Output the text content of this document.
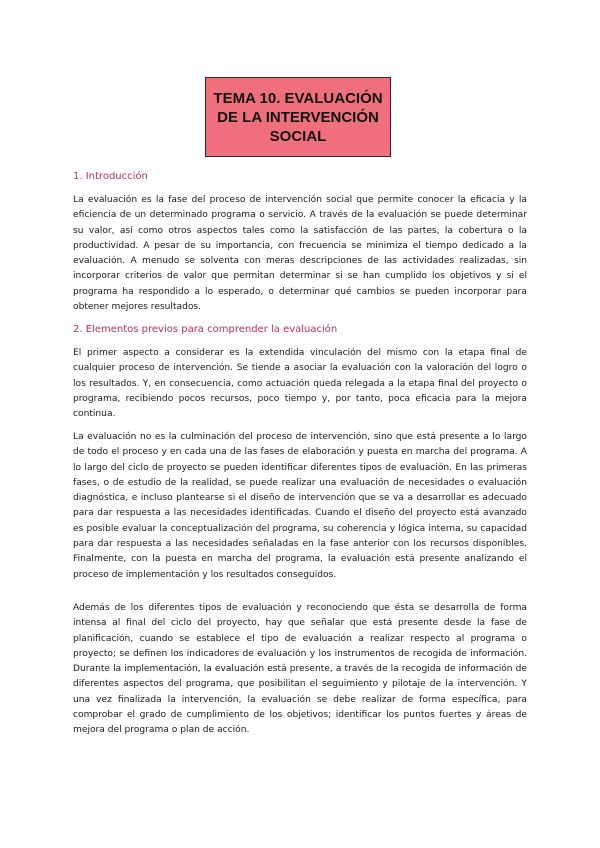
TEMA 10. EVALUACIÓN
DE LA INTERVENCIÓN
SOCIAL
1. Introducción

La evaluación es la fase del proceso de intervención social que permite conocer la eficacia y la eficiencia de un determinado programa o servicio. A través de la evaluación se puede determinar su valor, así como otros aspectos tales como la satisfacción de las partes, la cobertura o la productividad. A pesar de su importancia, con frecuencia se minimiza el tiempo dedicado a la evaluación. A menudo se solventa con meras descripciones de las actividades realizadas, sin incorporar criterios de valor que permitan determinar si se han cumplido los objetivos y si el programa ha respondido a lo esperado, o determinar qué cambios se pueden incorporar para obtener mejores resultados.

2. Elementos previos para comprender la evaluación

El primer aspecto a considerar es la extendida vinculación del mismo con la etapa final de cualquier proceso de intervención. Se tiende a asociar la evaluación con la valoración del logro o los resultados. Y, en consecuencia, como actuación queda relegada a la etapa final del proyecto o programa, recibiendo pocos recursos, poco tiempo y, por tanto, poca eficacia para la mejora continua.

La evaluación no es la culminación del proceso de intervención, sino que está presente a lo largo de todo el proceso y en cada una de las fases de elaboración y puesta en marcha del programa. A lo largo del ciclo de proyecto se pueden identificar diferentes tipos de evaluación. En las primeras fases, o de estudio de la realidad, se puede realizar una evaluación de necesidades o evaluación diagnóstica, e incluso plantearse si el diseño de intervención que se va a desarrollar es adecuado para dar respuesta a las necesidades identificadas. Cuando el diseño del proyecto está avanzado es posible evaluar la conceptualización del programa, su coherencia y lógica interna, su capacidad para dar respuesta a las necesidades señaladas en la fase anterior con los recursos disponibles. Finalmente, con la puesta en marcha del programa, la evaluación está presente analizando el proceso de implementación y los resultados conseguidos.

Además de los diferentes tipos de evaluación y reconociendo que ésta se desarrolla de forma intensa al final del ciclo del proyecto, hay que señalar que está presente desde la fase de planificación, cuando se establece el tipo de evaluación a realizar respecto al programa o proyecto; se definen los indicadores de evaluación y los instrumentos de recogida de información. Durante la implementación, la evaluación está presente, a través de la recogida de información de diferentes aspectos del programa, que posibilitan el seguimiento y pilotaje de la intervención. Y una vez finalizada la intervención, la evaluación se debe realizar de forma específica, para comprobar el grado de cumplimiento de los objetivos; identificar los puntos fuertes y áreas de mejora del programa o plan de acción.
